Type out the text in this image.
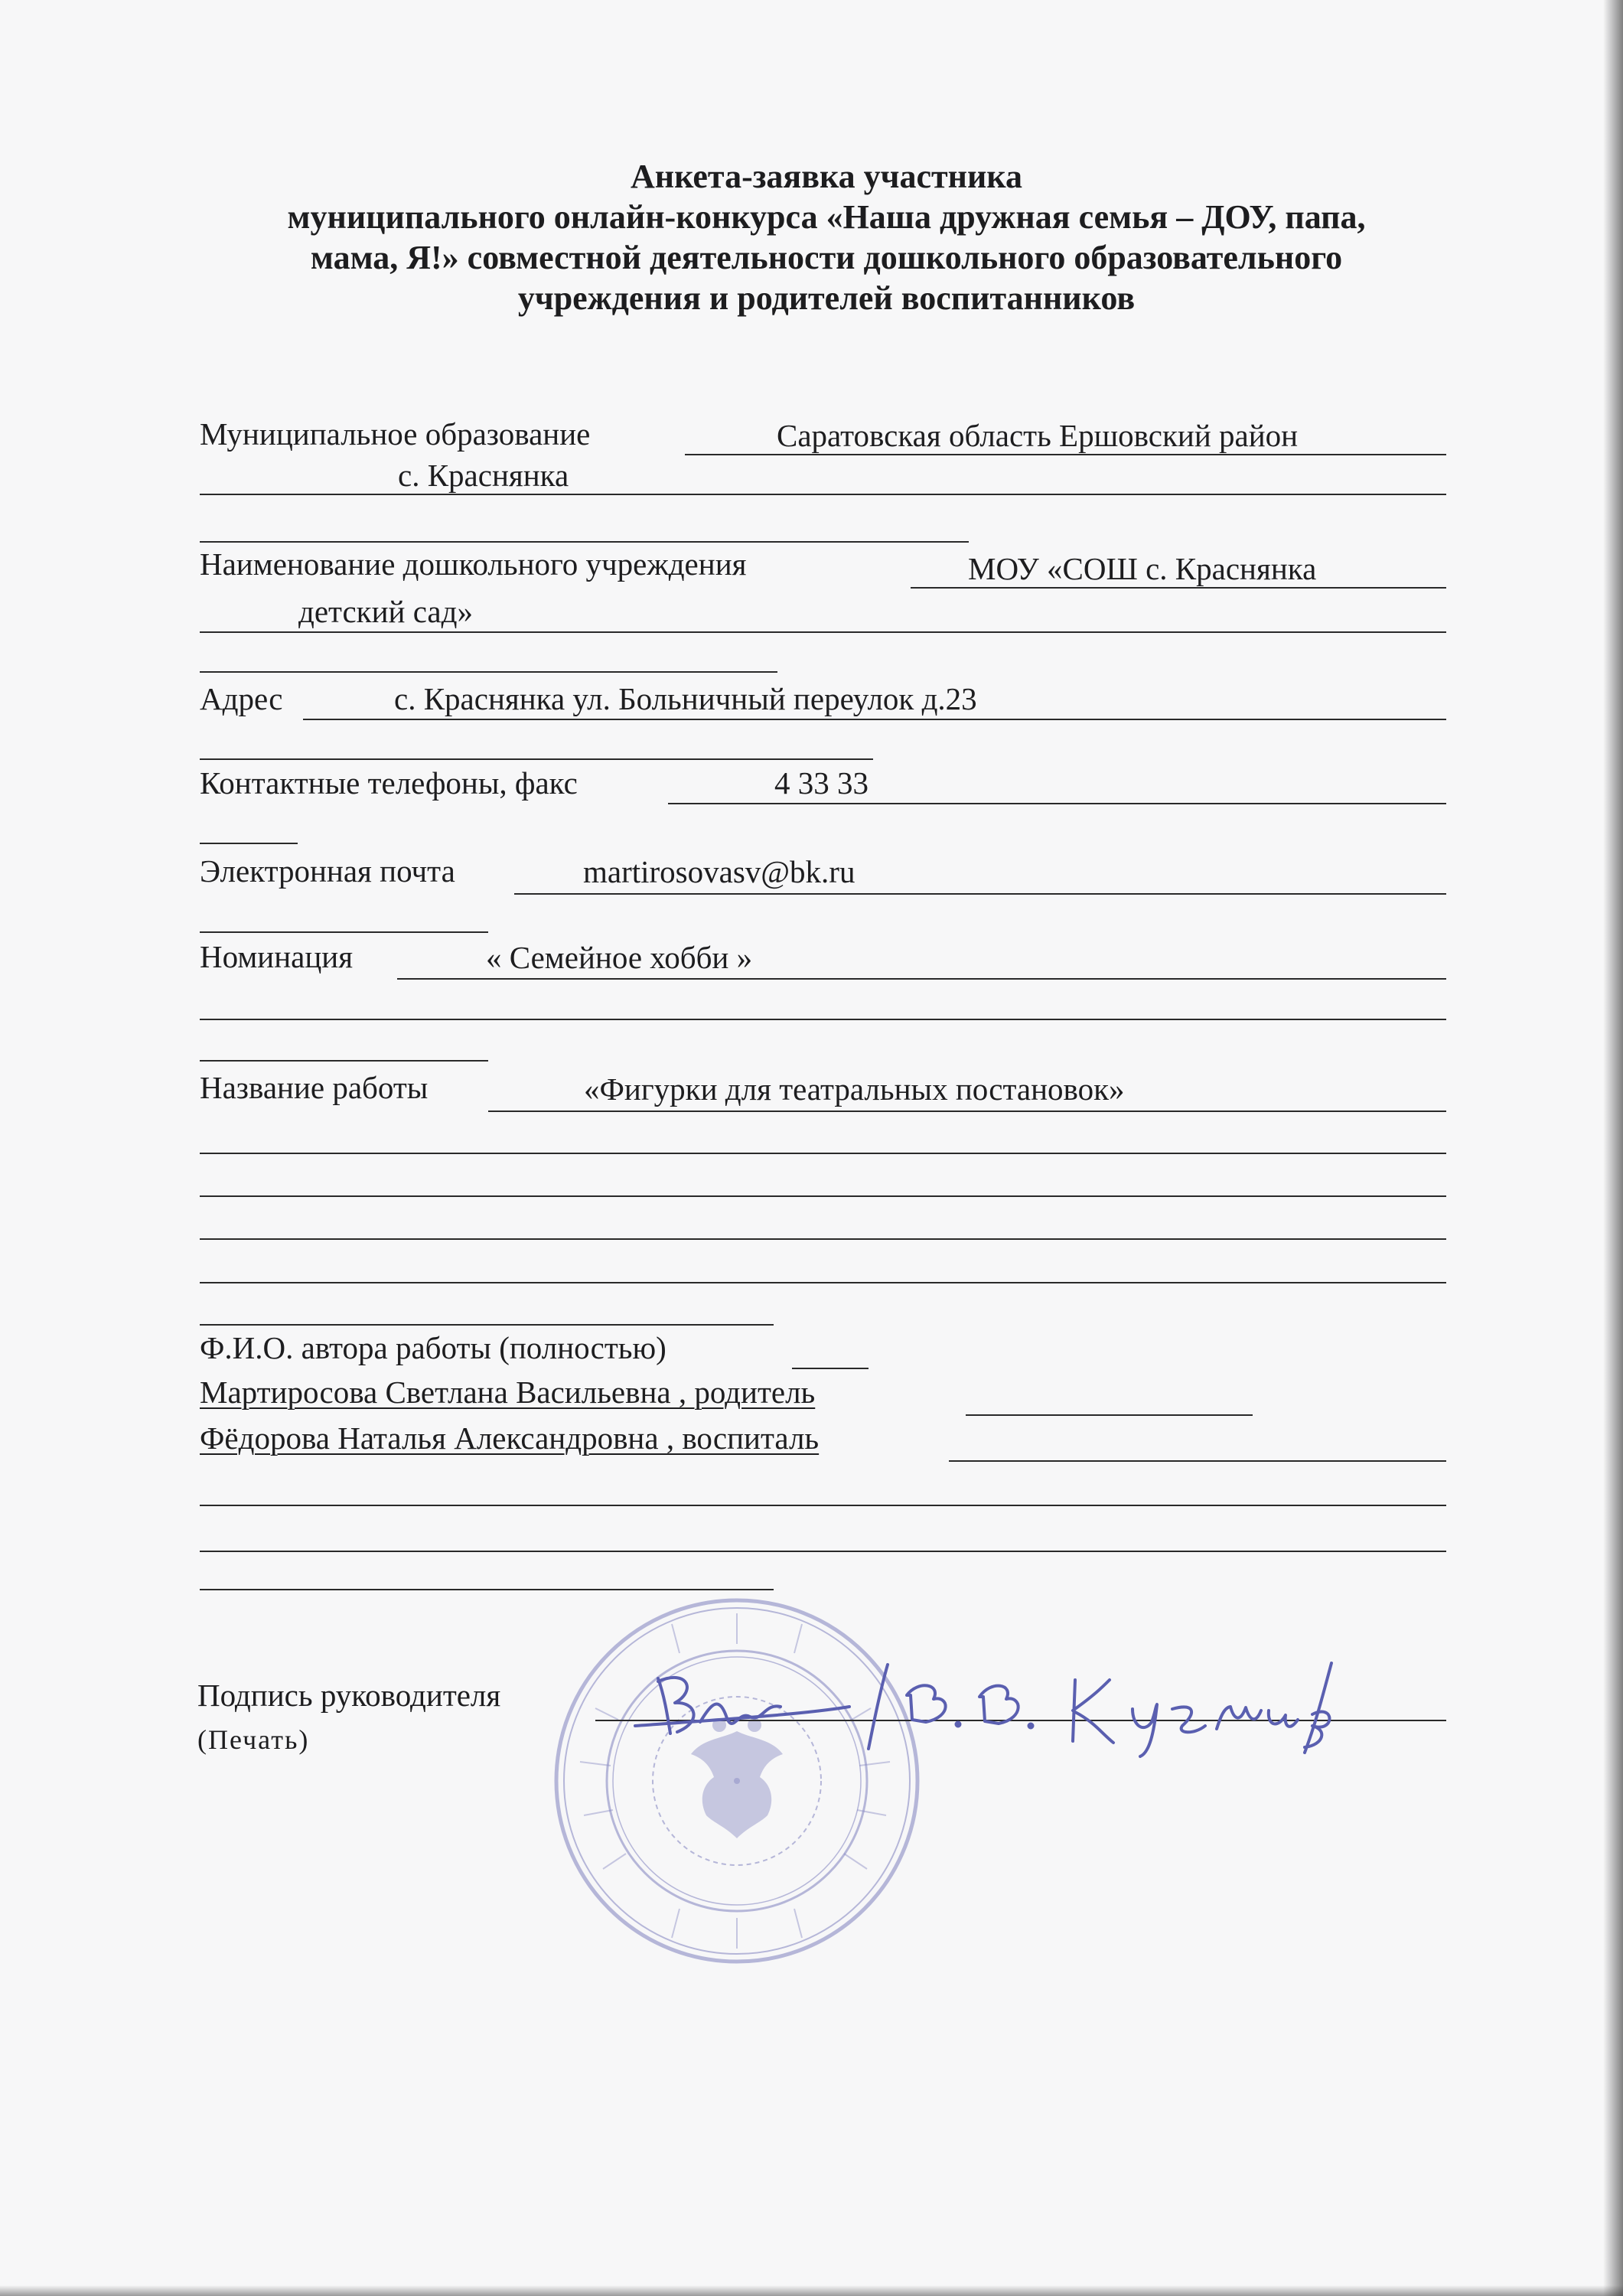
Анкета-заявка участника
муниципального онлайн-конкурса «Наша дружная семья – ДОУ, папа,
мама, Я!» совместной деятельности дошкольного образовательного
учреждения и родителей воспитанников
Муниципальное образование	Саратовская область Ершовский район
с. Краснянка
Наименование дошкольного учреждения	МОУ «СОШ с. Краснянка
детский сад»
Адрес	с. Краснянка ул. Больничный переулок д.23
Контактные телефоны, факс	4 33 33
Электронная почта	martirosovasv@bk.ru
Номинация	« Семейное хобби »
Название работы	«Фигурки для театральных постановок»
Ф.И.О. автора работы (полностью)
Мартиросова Светлана Васильевна , родитель
Фёдорова Наталья Александровна , воспиталь
Подпись руководителя
(Печать)
